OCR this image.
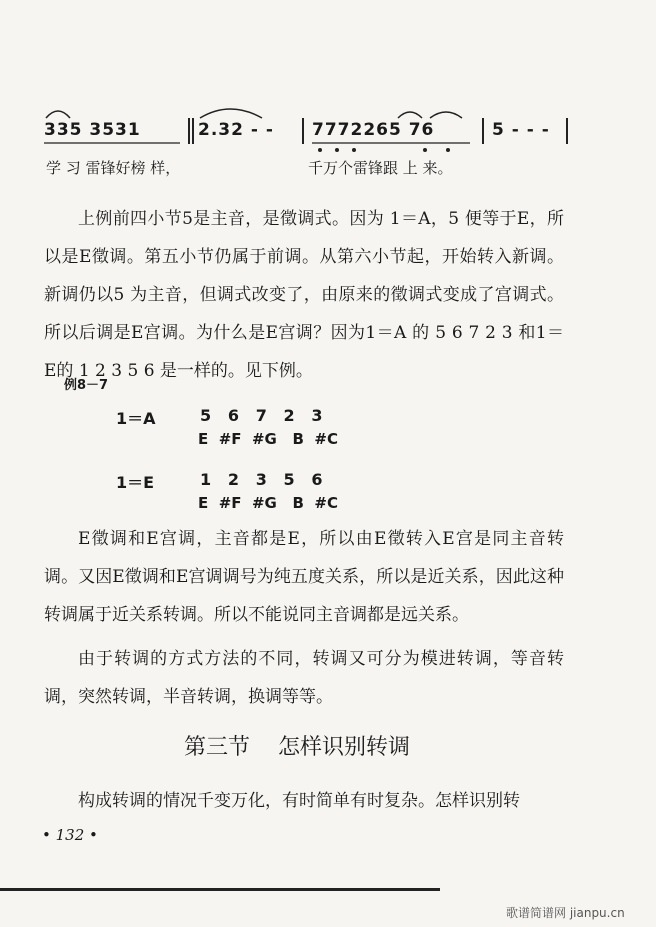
335 3531	2.32 - - 7772265 76	5 - - -
学 习 雷锋好榜 样，	千万个雷锋跟 上 来。
上例前四小节5是主音，是徵调式。因为 1＝A，5 便等于E，所以是E徵调。第五小节仍属于前调。从第六小节起，开始转入新调。新调仍以5 为主音，但调式改变了，由原来的徵调式变成了宫调式。所以后调是E宫调。为什么是E宫调？因为1＝A 的 5 6 7 2 3 和1＝E的 1 2 3 5 6 是一样的。见下例。
例8－7
1＝A	5   6   7   2   3
E  #F  #G   B  #C
1＝E	1   2   3   5   6
E  #F  #G   B  #C
E徵调和E宫调，主音都是E，所以由E徵转入E宫是同主音转调。又因E徵调和E宫调调号为纯五度关系，所以是近关系，因此这种转调属于近关系转调。所以不能说同主音调都是远关系。
由于转调的方式方法的不同，转调又可分为模进转调，等音转调，突然转调，半音转调，换调等等。
第三节    怎样识别转调
构成转调的情况千变万化，有时简单有时复杂。怎样识别转
• 132 •
歌谱简谱网 jianpu.cn
